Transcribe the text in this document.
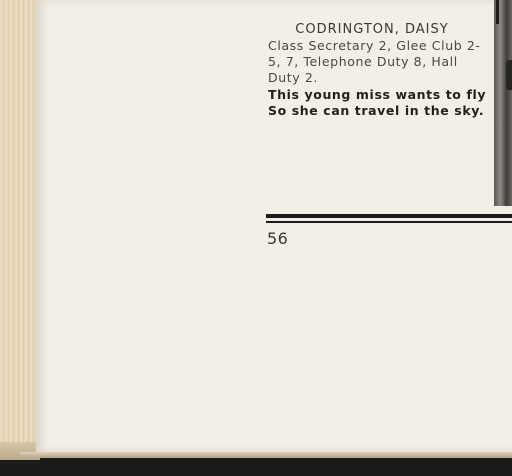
CODRINGTON, DAISY

Class Secretary 2, Glee Club 2-5, 7, Telephone Duty 8, Hall Duty 2.

This young miss wants to fly
So she can travel in the sky.

56
